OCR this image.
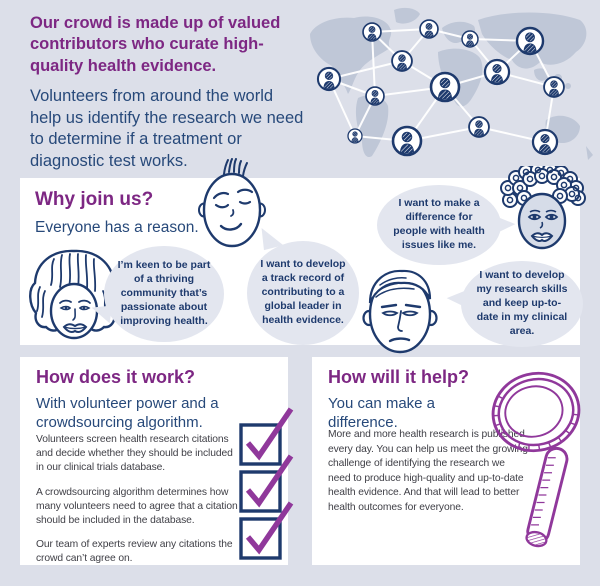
Our crowd is made up of valued contributors who curate high-quality health evidence.

Volunteers from around the world help us identify the research we need to determine if a treatment or diagnostic test works.

Why join us?

Everyone has a reason.

I’m keen to be part of a thriving community that’s passionate about improving health.
I want to develop a track record of contributing to a global leader in health evidence.
I want to make a difference for people with health issues like me.
I want to develop my research skills and keep up-to-date in my clinical area.
How does it work?

With volunteer power and a crowdsourcing algorithm.

Volunteers screen health research citations and decide whether they should be included in our clinical trials database.

A crowdsourcing algorithm determines how many volunteers need to agree that a citation should be included in the database.

Our team of experts review any citations the crowd can’t agree on.

How will it help?

You can make a difference.

More and more health research is published every day. You can help us meet the growing challenge of identifying the research we need to produce high-quality and up-to-date health evidence. And that will lead to better health outcomes for everyone.
